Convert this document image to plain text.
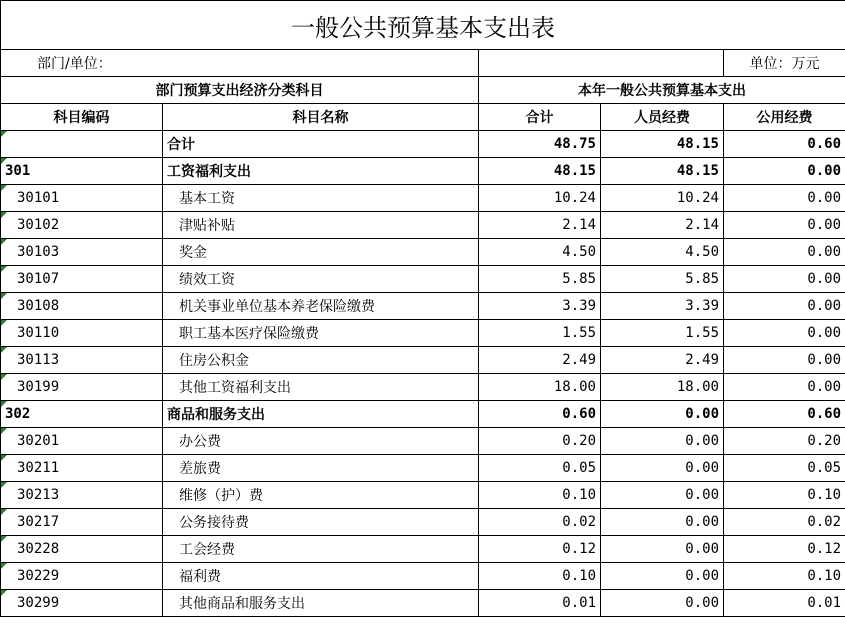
一般公共预算基本支出表				
部门/单位：				单位：万元
部门预算支出经济分类科目		本年一般公共预算基本支出		
科目编码	科目名称	合计	人员经费	公用经费
	合计	48.75	48.15	0.60
301	工资福利支出	48.15	48.15	0.00
30101	基本工资	10.24	10.24	0.00
30102	津贴补贴	2.14	2.14	0.00
30103	奖金	4.50	4.50	0.00
30107	绩效工资	5.85	5.85	0.00
30108	机关事业单位基本养老保险缴费	3.39	3.39	0.00
30110	职工基本医疗保险缴费	1.55	1.55	0.00
30113	住房公积金	2.49	2.49	0.00
30199	其他工资福利支出	18.00	18.00	0.00
302	商品和服务支出	0.60	0.00	0.60
30201	办公费	0.20	0.00	0.20
30211	差旅费	0.05	0.00	0.05
30213	维修（护）费	0.10	0.00	0.10
30217	公务接待费	0.02	0.00	0.02
30228	工会经费	0.12	0.00	0.12
30229	福利费	0.10	0.00	0.10
30299	其他商品和服务支出	0.01	0.00	0.01
